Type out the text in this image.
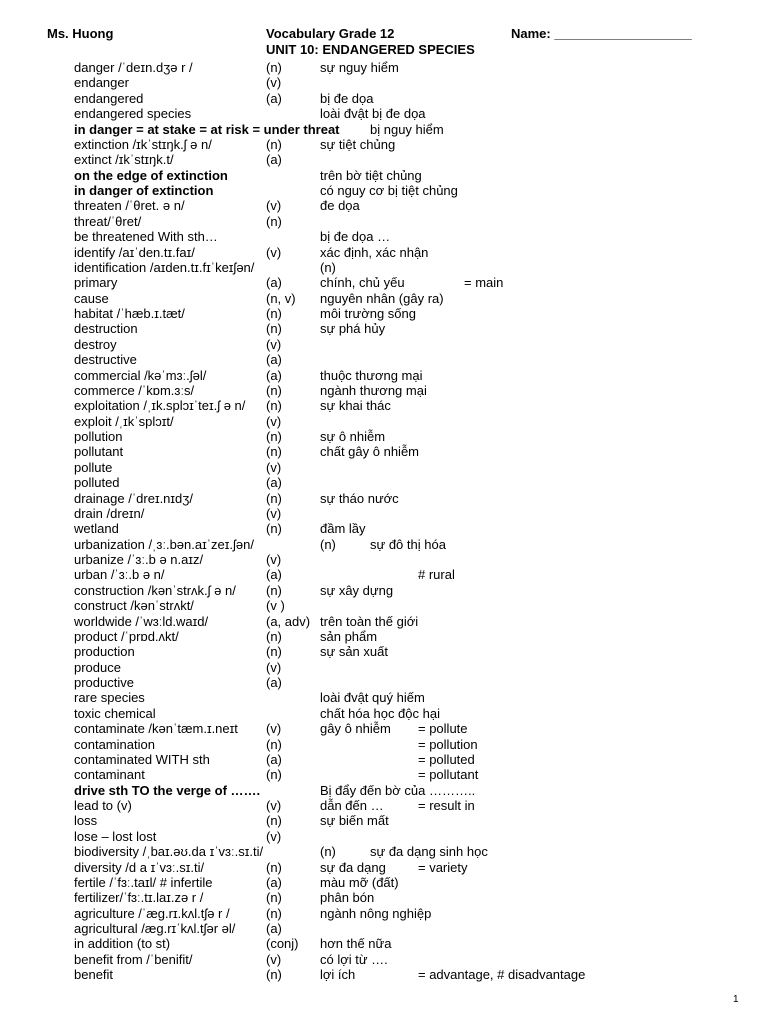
Ms. Huong	Vocabulary Grade 12	Name: ___________________
UNIT 10: ENDANGERED SPECIES
danger /ˈdeɪn.dʒə r /	(n)	sự nguy hiểm
endanger	(v)
endangered	(a)	bị đe dọa
endangered species	loài đvật bị đe dọa
in danger = at stake = at risk = under threat bị nguy hiểm
extinction /ɪkˈstɪŋk.ʃ ə n/	(n)	sự tiệt chủng
extinct /ɪkˈstɪŋk.t/	(a)
on the edge of extinction	trên bờ tiệt chủng
in danger of extinction	có nguy cơ bị tiệt chủng
threaten /ˈθret. ə n/	(v)	đe dọa
threat/ˈθret/	(n)
be threatened With sth…	bị đe dọa …
identify /aɪˈden.tɪ.faɪ/	(v)	xác định, xác nhận
identification /aɪden.tɪ.fɪˈkeɪʃən/	(n)
primary	(a)	chính, chủ yếu	= main
cause	(n, v) nguyên nhân (gây ra)
habitat /ˈhæb.ɪ.tæt/	(n)	môi trường sống
destruction	(n)	sự phá hủy
destroy	(v)
destructive	(a)
commercial /kəˈmɜː.ʃəl/	(a)	thuộc thương mại
commerce /ˈkɒm.ɜːs/	(n)	ngành thương mại
exploitation /ˌɪk.splɔɪˈteɪ.ʃ ə n/ (n)	sự khai thác
exploit /ˌɪkˈsplɔɪt/	(v)
pollution	(n)	sự ô nhiễm
pollutant	(n)	chất gây ô nhiễm
pollute	(v)
polluted	(a)
drainage /ˈdreɪ.nɪdʒ/	(n)	sự tháo nước
drain /dreɪn/	(v)
wetland	(n)	đầm lầy
urbanization /ˌɜː.bən.aɪˈzeɪ.ʃən/	(n)	sự đô thị hóa
urbanize /ˈɜː.b ə n.aɪz/	(v)
urban /ˈɜː.b ə n/	(a)	# rural
construction /kənˈstrʌk.ʃ ə n/ (n)	sự xây dựng
construct /kənˈstrʌkt/	(v )
worldwide /ˈwɜːld.waɪd/	(a, adv) trên toàn thế giới
product /ˈprɒd.ʌkt/	(n)	sản phẩm
production	(n)	sự sản xuất
produce	(v)
productive	(a)
rare species	loài đvật quý hiếm
toxic chemical	chất hóa học độc hại
contaminate /kənˈtæm.ɪ.neɪt (v)	gây ô nhiễm = pollute
contamination	(n)	= pollution
contaminated WITH sth	(a)	= polluted
contaminant	(n)	= pollutant
drive sth TO the verge of …….	Bị đẩy đến bờ của ………..
lead to (v)	(v)	dẫn đến …	= result in
loss	(n)	sự biến mất
lose – lost lost	(v)
biodiversity /ˌbaɪ.əʊ.da ɪˈvɜː.sɪ.ti/	(n)	sự đa dạng sinh học
diversity /d a ɪˈvɜː.sɪ.ti/	(n)	sự đa dạng = variety
fertile /ˈfɜː.taɪl/ # infertile	(a)	màu mỡ (đất)
fertilizer/ˈfɜː.tɪ.laɪ.zə r /	(n)	phân bón
agriculture /ˈæg.rɪ.kʌl.tʃə r /	(n)	ngành nông nghiệp
agricultural /æg.rɪˈkʌl.tʃər əl/ (a)
in addition (to st)	(conj) hơn thế nữa
benefit from /ˈbenifit/	(v)	có lợi từ ….
benefit	(n)	lợi ích	= advantage, # disadvantage
1
